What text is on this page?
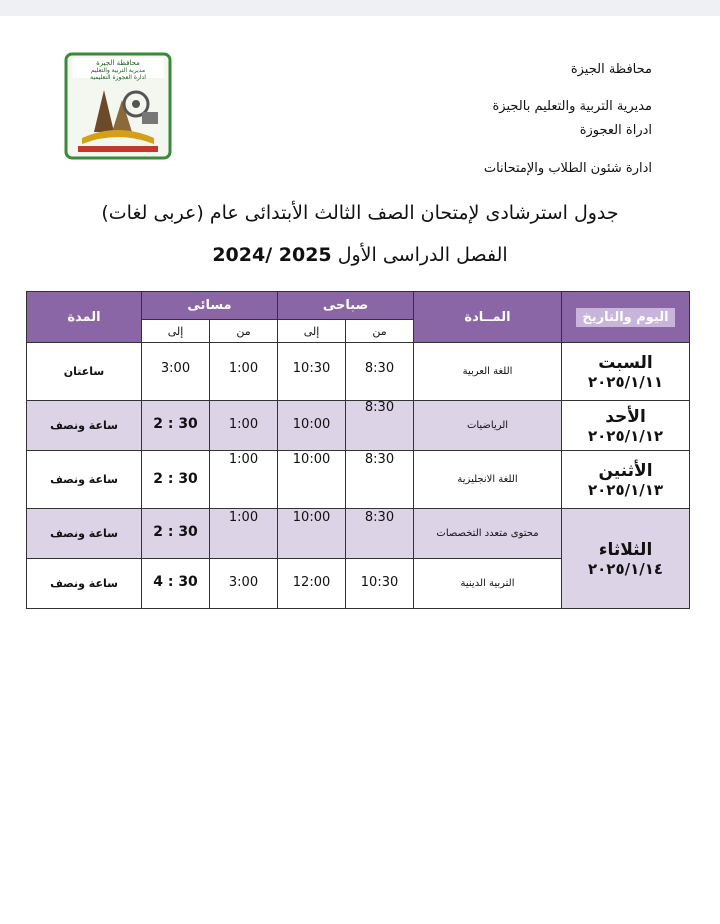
محافظة الجيزة
مديرية التربية والتعليم
ادارة العجوزة التعليمية
محافظة الجيزة
مديرية التربية والتعليم بالجيزة
ادراة العجوزة
ادارة شئون الطلاب والإمتحانات
جدول استرشادى لإمتحان الصف الثالث الأبتدائى عام (عربى لغات)
الفصل الدراسى الأول 2025 /2024
اليوم والتاريخ	المــادة	صباحى		مسائى		المدة
		من	إلى	من	إلى	

السبت
٢٠٢٥/١/١١	اللغة العربية	8:30	10:30	1:00	3:00	ساعتان

الأحد
٢٠٢٥/١/١٢	الرياضيات	8:30	10:00	1:00	30 : 2	ساعة ونصف

الأثنين
٢٠٢٥/١/١٣	اللغة الانجليزية	8:30	10:00	1:00	30 : 2	ساعة ونصف

الثلاثاء
٢٠٢٥/١/١٤	محتوى متعدد التخصصات	8:30	10:00	1:00	30 : 2	ساعة ونصف
	التربية الدينية	10:30	12:00	3:00	30 : 4	ساعة ونصف
